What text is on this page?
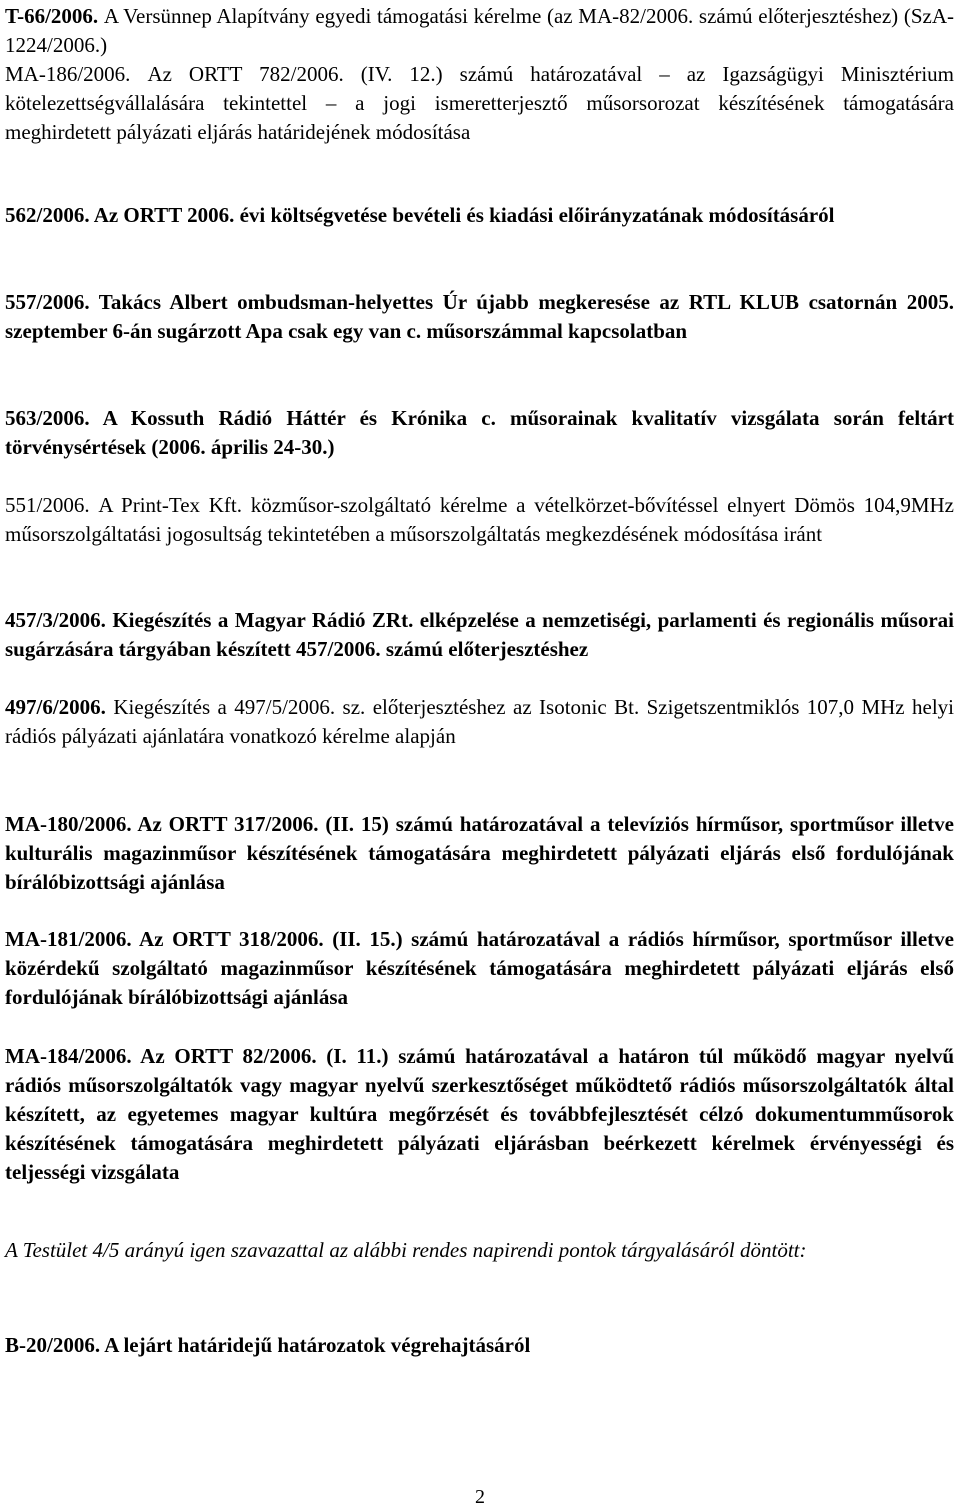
T-66/2006. A Versünnep Alapítvány egyedi támogatási kérelme (az MA-82/2006. számú előterjesztéshez) (SzA-1224/2006.)
MA-186/2006. Az ORTT 782/2006. (IV. 12.) számú határozatával – az Igazságügyi Minisztérium kötelezettségvállalására tekintettel – a jogi ismeretterjesztő műsorsorozat készítésének támogatására meghirdetett pályázati eljárás határidejének módosítása
562/2006. Az ORTT 2006. évi költségvetése bevételi és kiadási előirányzatának módosításáról
557/2006. Takács Albert ombudsman-helyettes Úr újabb megkeresése az RTL KLUB csatornán 2005. szeptember 6-án sugárzott Apa csak egy van c. műsorszámmal kapcsolatban
563/2006. A Kossuth Rádió Háttér és Krónika c. műsorainak kvalitatív vizsgálata során feltárt törvénysértések (2006. április 24-30.)
551/2006. A Print-Tex Kft. közműsor-szolgáltató kérelme a vételkörzet-bővítéssel elnyert Dömös 104,9MHz műsorszolgáltatási jogosultság tekintetében a műsorszolgáltatás megkezdésének módosítása iránt
457/3/2006. Kiegészítés a Magyar Rádió ZRt. elképzelése a nemzetiségi, parlamenti és regionális műsorai sugárzására tárgyában készített 457/2006. számú előterjesztéshez
497/6/2006. Kiegészítés a 497/5/2006. sz. előterjesztéshez az Isotonic Bt. Szigetszentmiklós 107,0 MHz helyi rádiós pályázati ajánlatára vonatkozó kérelme alapján
MA-180/2006. Az ORTT 317/2006. (II. 15) számú határozatával a televíziós hírműsor, sportműsor illetve kulturális magazinműsor készítésének támogatására meghirdetett pályázati eljárás első fordulójának bírálóbizottsági ajánlása
MA-181/2006. Az ORTT 318/2006. (II. 15.) számú határozatával a rádiós hírműsor, sportműsor illetve közérdekű szolgáltató magazinműsor készítésének támogatására meghirdetett pályázati eljárás első fordulójának bírálóbizottsági ajánlása
MA-184/2006. Az ORTT 82/2006. (I. 11.) számú határozatával a határon túl működő magyar nyelvű rádiós műsorszolgáltatók vagy magyar nyelvű szerkesztőséget működtető rádiós műsorszolgáltatók által készített, az egyetemes magyar kultúra megőrzését és továbbfejlesztését célzó dokumentumműsorok készítésének támogatására meghirdetett pályázati eljárásban beérkezett kérelmek érvényességi és teljességi vizsgálata
A Testület 4/5 arányú igen szavazattal az alábbi rendes napirendi pontok tárgyalásáról döntött:
B-20/2006. A lejárt határidejű határozatok végrehajtásáról
2
